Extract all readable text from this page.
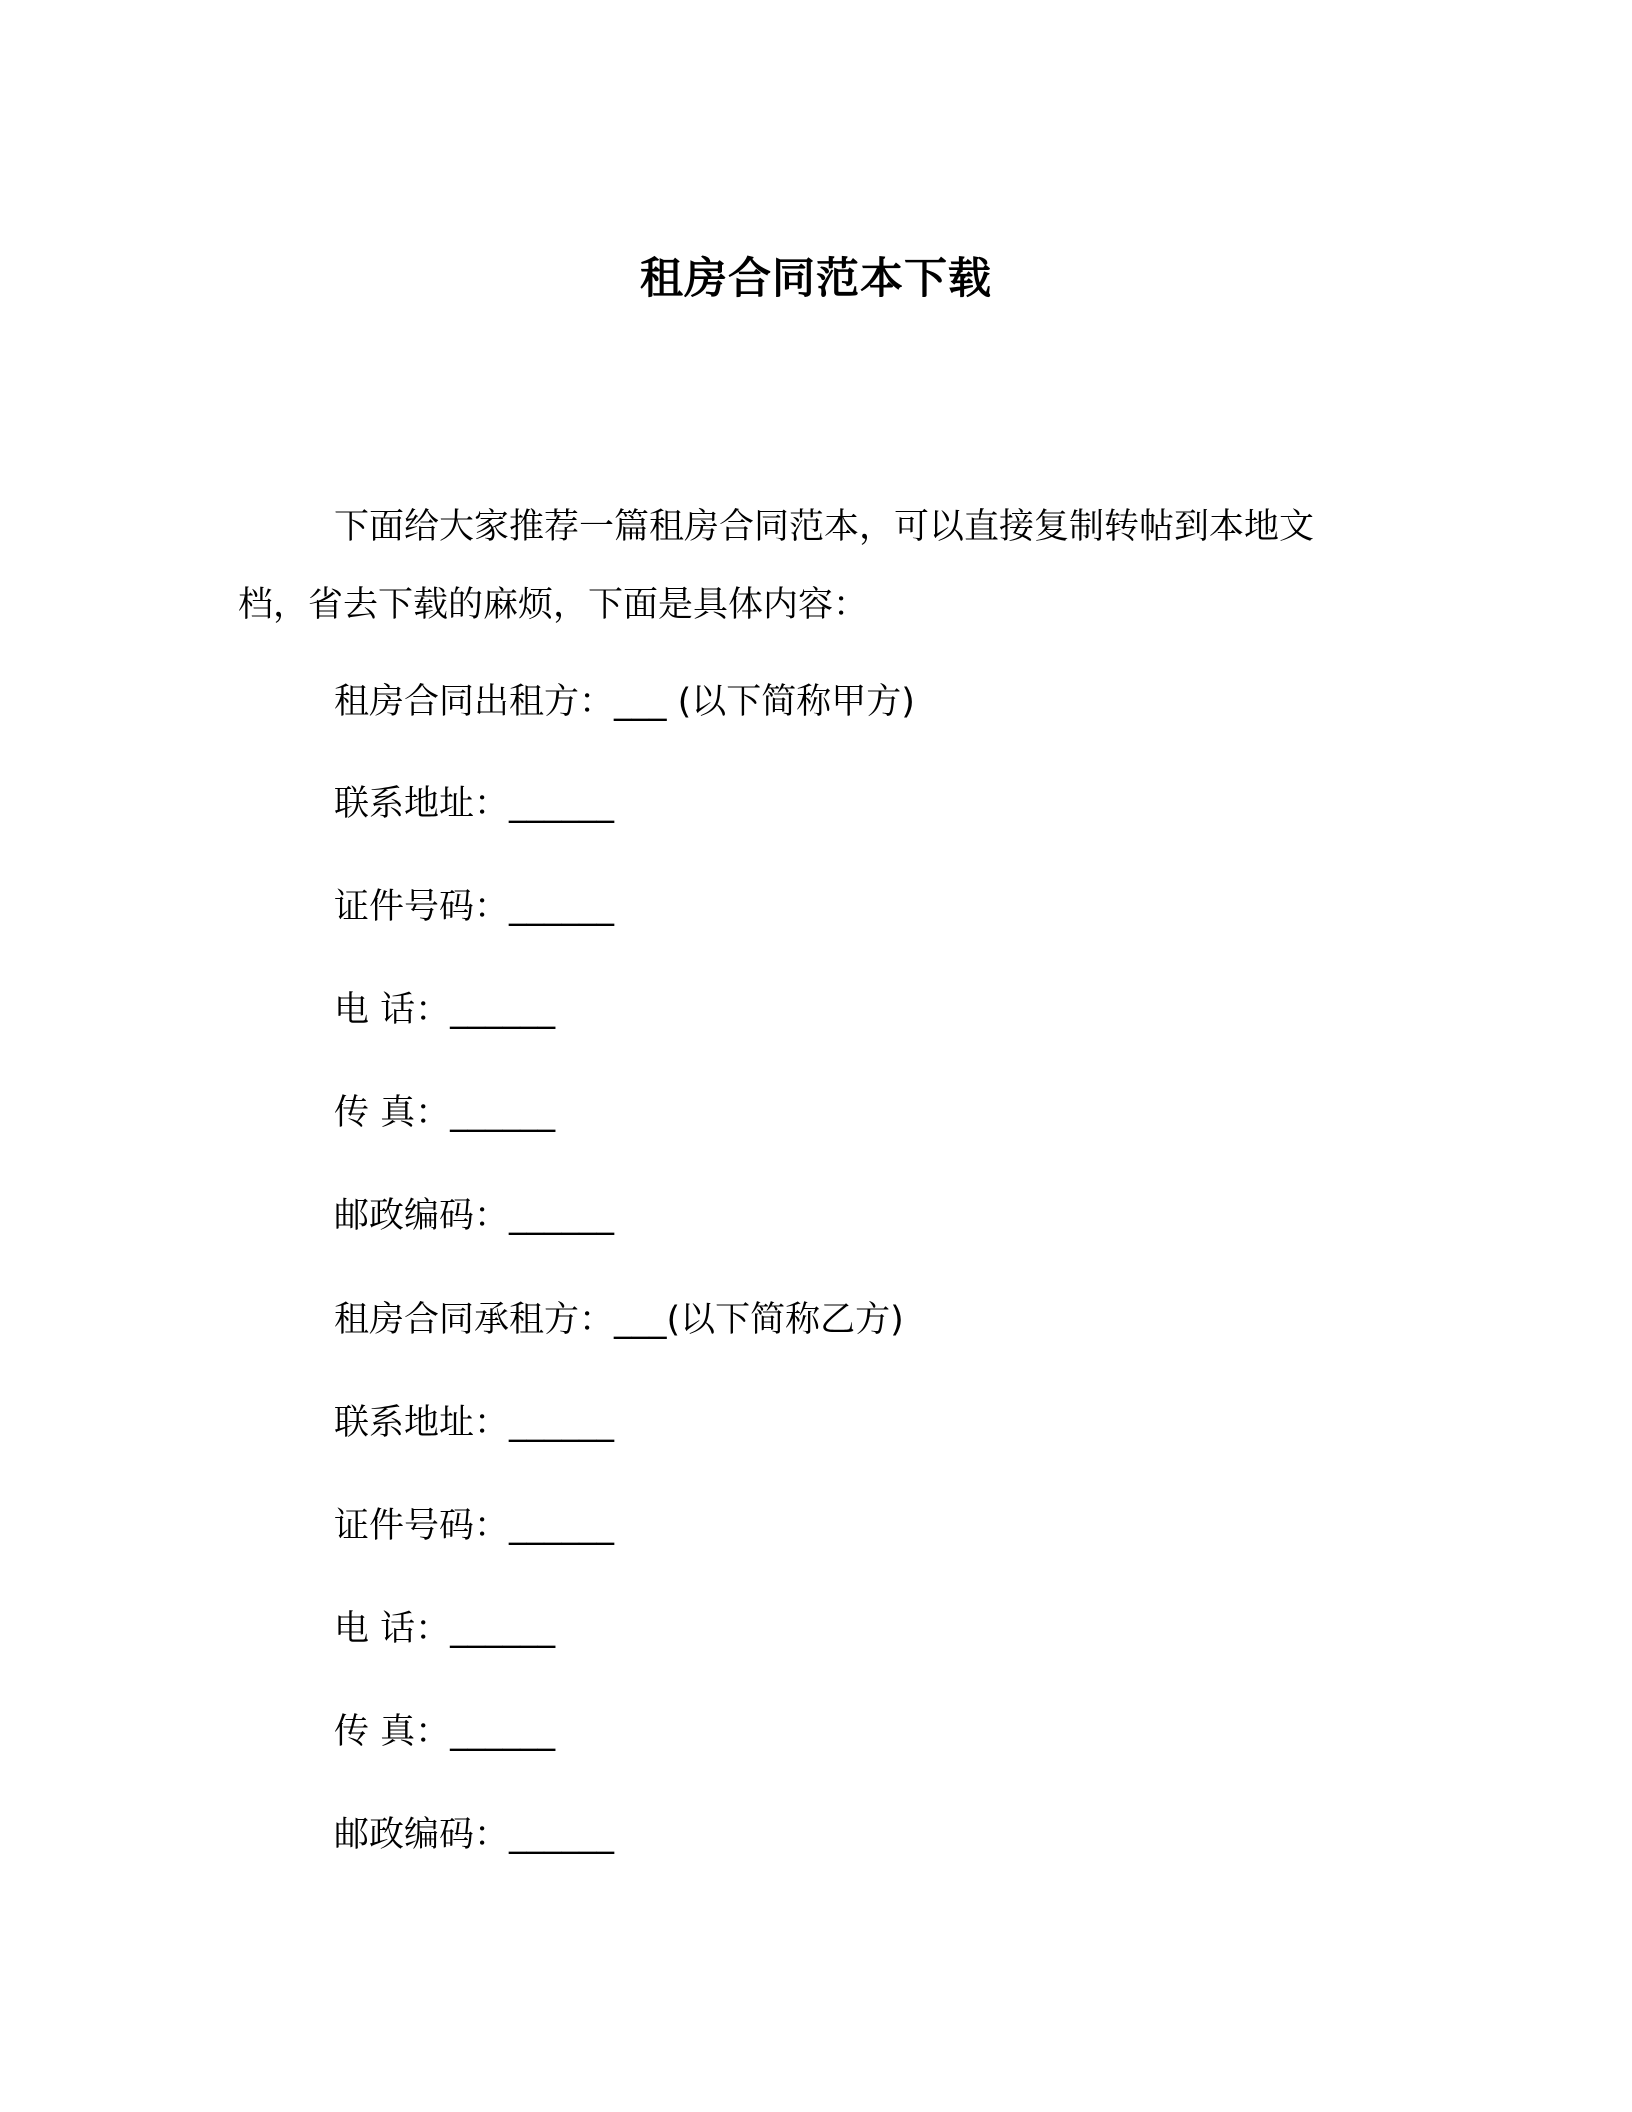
租房合同范本下载

下面给大家推荐一篇租房合同范本，可以直接复制转帖到本地文档，省去下载的麻烦，下面是具体内容：

租房合同出租方：___ (以下简称甲方)

联系地址：______

证件号码：______

电 话：______

传 真：______

邮政编码：______

租房合同承租方：___(以下简称乙方)

联系地址：______

证件号码：______

电 话：______

传 真：______

邮政编码：______
